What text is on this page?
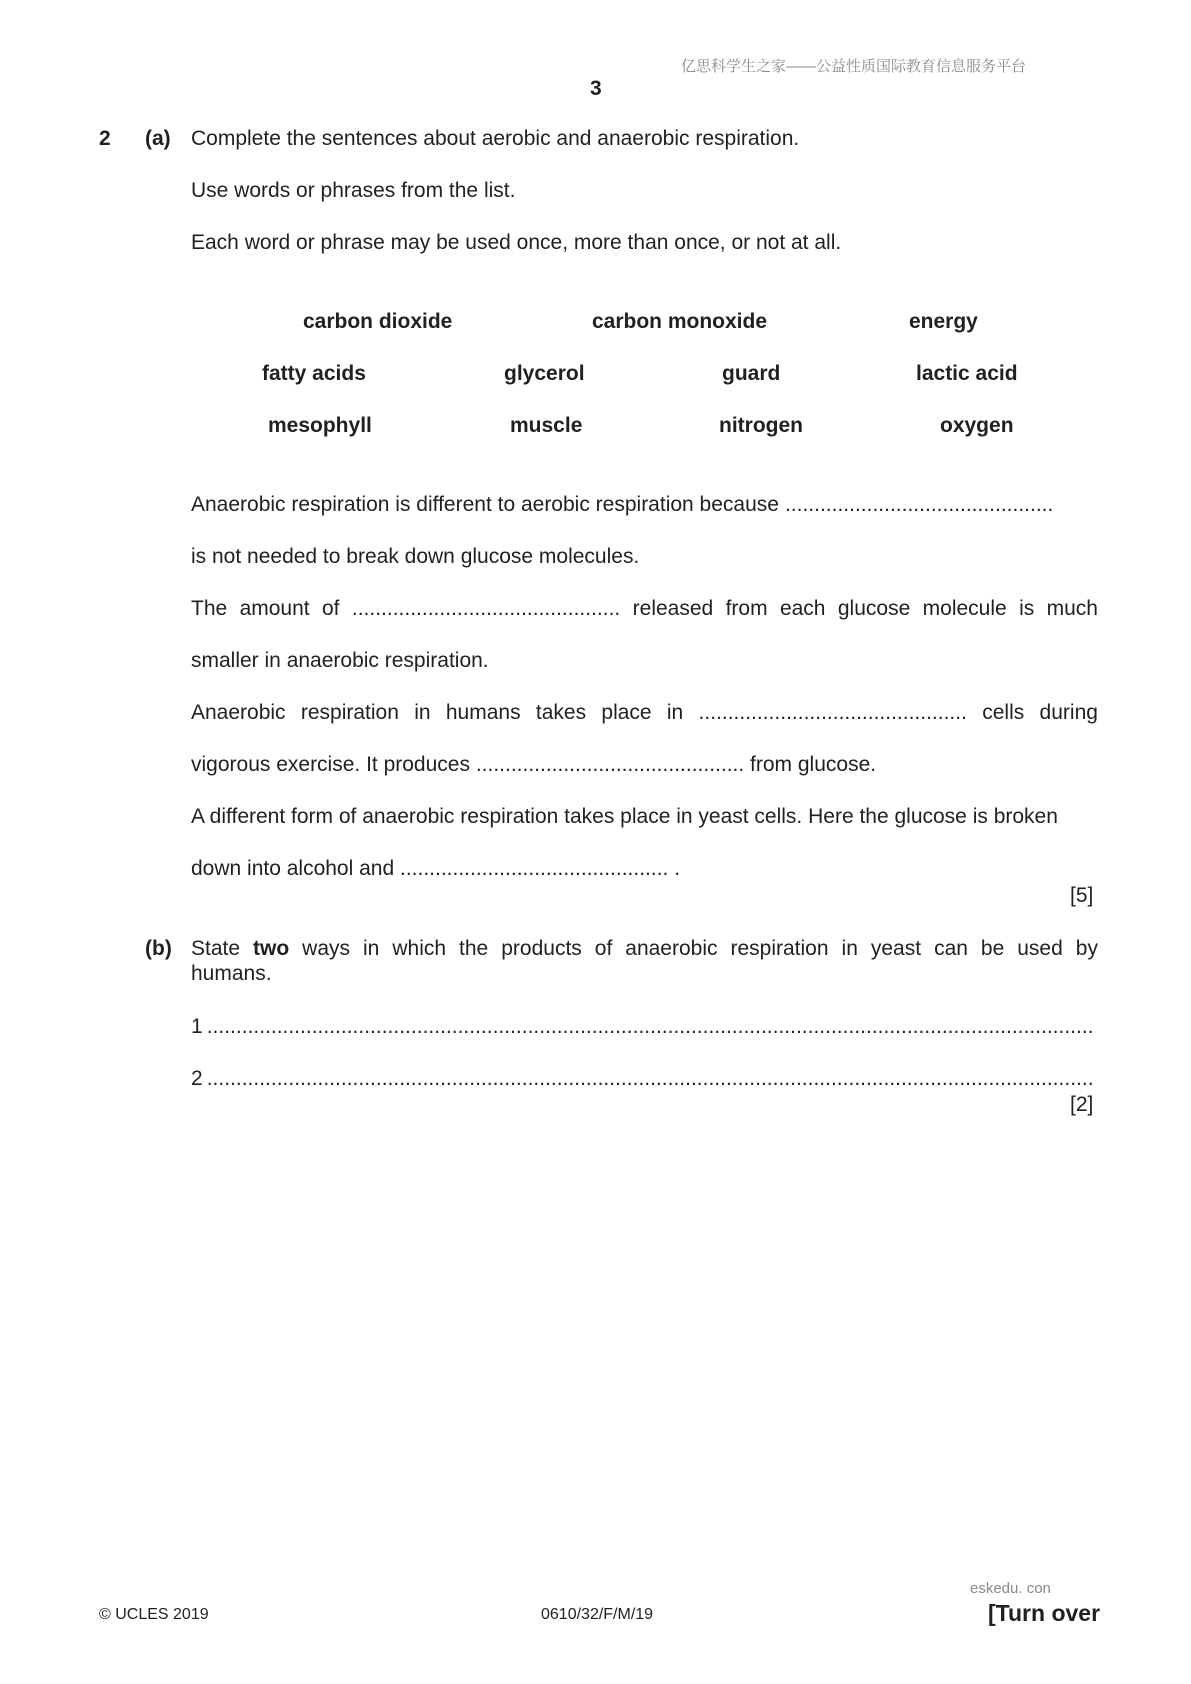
亿思科学生之家——公益性质国际教育信息服务平台
3
2 (a) Complete the sentences about aerobic and anaerobic respiration.
Use words or phrases from the list.
Each word or phrase may be used once, more than once, or not at all.
carbon dioxide	carbon monoxide	energy
fatty acids	glycerol	guard	lactic acid
mesophyll	muscle	nitrogen	oxygen
Anaerobic respiration is different to aerobic respiration because ..............................................
is not needed to break down glucose molecules.
The amount of .............................................. released from each glucose molecule is much
smaller in anaerobic respiration.
Anaerobic respiration in humans takes place in .............................................. cells during
vigorous exercise. It produces .............................................. from glucose.
A different form of anaerobic respiration takes place in yeast cells. Here the glucose is broken
down into alcohol and .............................................. .
[5]
(b) State two ways in which the products of anaerobic respiration in yeast can be used by
humans.
1
.....
2
.....
[2]
eskedu. con
© UCLES 2019	0610/32/F/M/19	[Turn over
